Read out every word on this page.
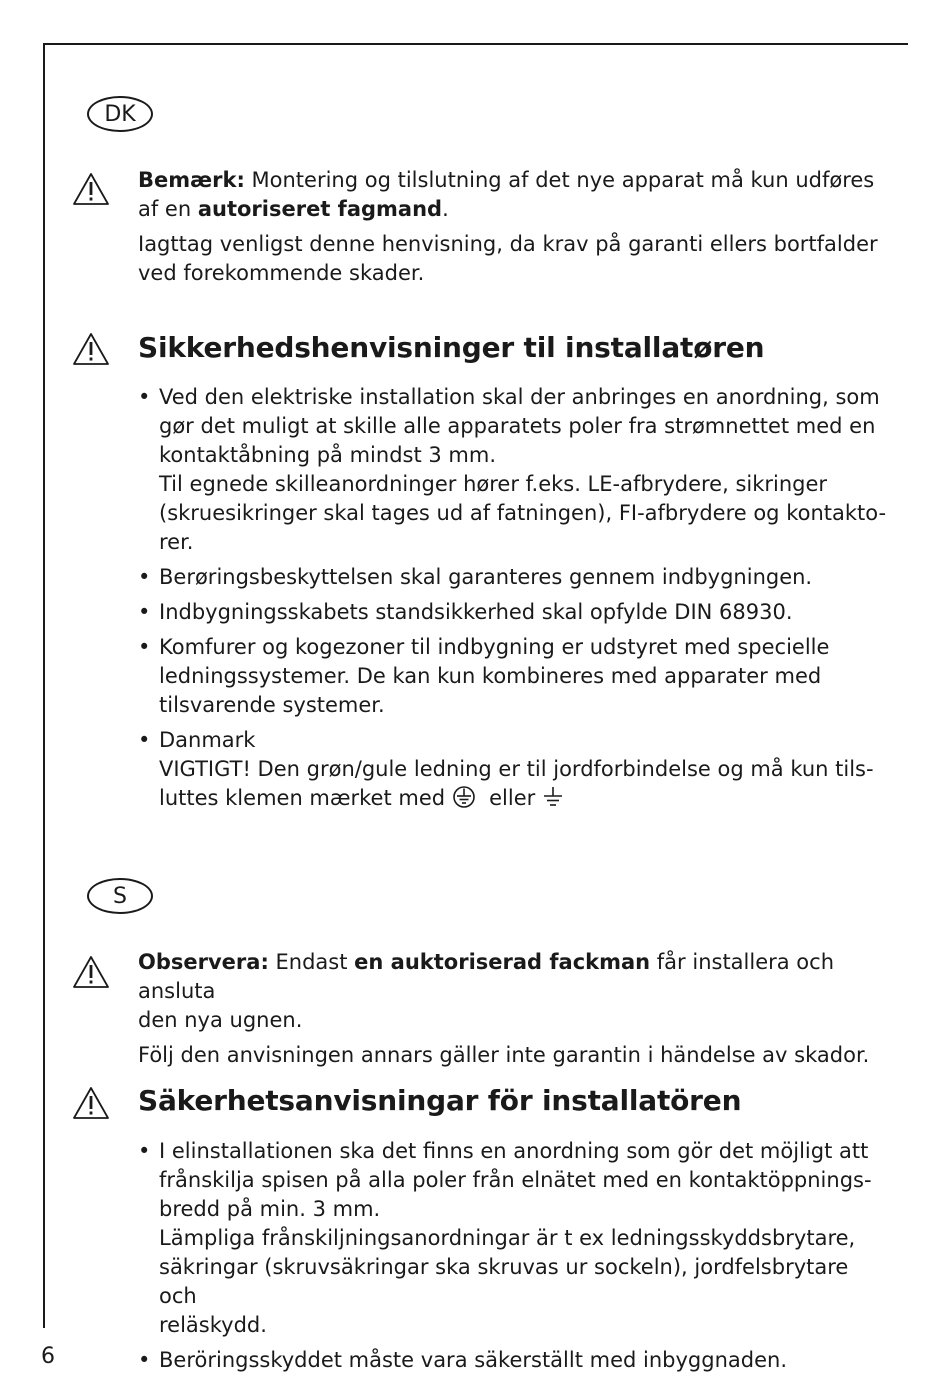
DK

Bemærk: Montering og tilslutning af det nye apparat må kun udføres

af en autoriseret fagmand.

Iagttag venligst denne henvisning, da krav på garanti ellers bortfalder

ved forekommende skader.

Sikkerhedshenvisninger til installatøren
• Ved den elektriske installation skal der anbringes en anordning, som
gør det muligt at skille alle apparatets poler fra strømnettet med en
kontaktåbning på mindst 3 mm.
Til egnede skilleanordninger hører f.eks. LE-afbrydere, sikringer
(skruesikringer skal tages ud af fatningen), FI-afbrydere og kontakto-
rer.
• Berøringsbeskyttelsen skal garanteres gennem indbygningen.
• Indbygningsskabets standsikkerhed skal opfylde DIN 68930.
• Komfurer og kogezoner til indbygning er udstyret med specielle
ledningssystemer. De kan kun kombineres med apparater med
tilsvarende systemer.
• Danmark
VIGTIGT! Den grøn/gule ledning er til jordforbindelse og må kun tils-
luttes klemen mærket med eller
S

Observera: Endast en auktoriserad fackman får installera och ansluta

den nya ugnen.

Följ den anvisningen annars gäller inte garantin i händelse av skador.

Säkerhetsanvisningar för installatören
• I elinstallationen ska det finns en anordning som gör det möjligt att
frånskilja spisen på alla poler från elnätet med en kontaktöppnings-
bredd på min. 3 mm.
Lämpliga frånskiljningsanordningar är t ex ledningsskyddsbrytare,
säkringar (skruvsäkringar ska skruvas ur sockeln), jordfelsbrytare och
reläskydd.
• Beröringsskyddet måste vara säkerställt med inbyggnaden.
6
